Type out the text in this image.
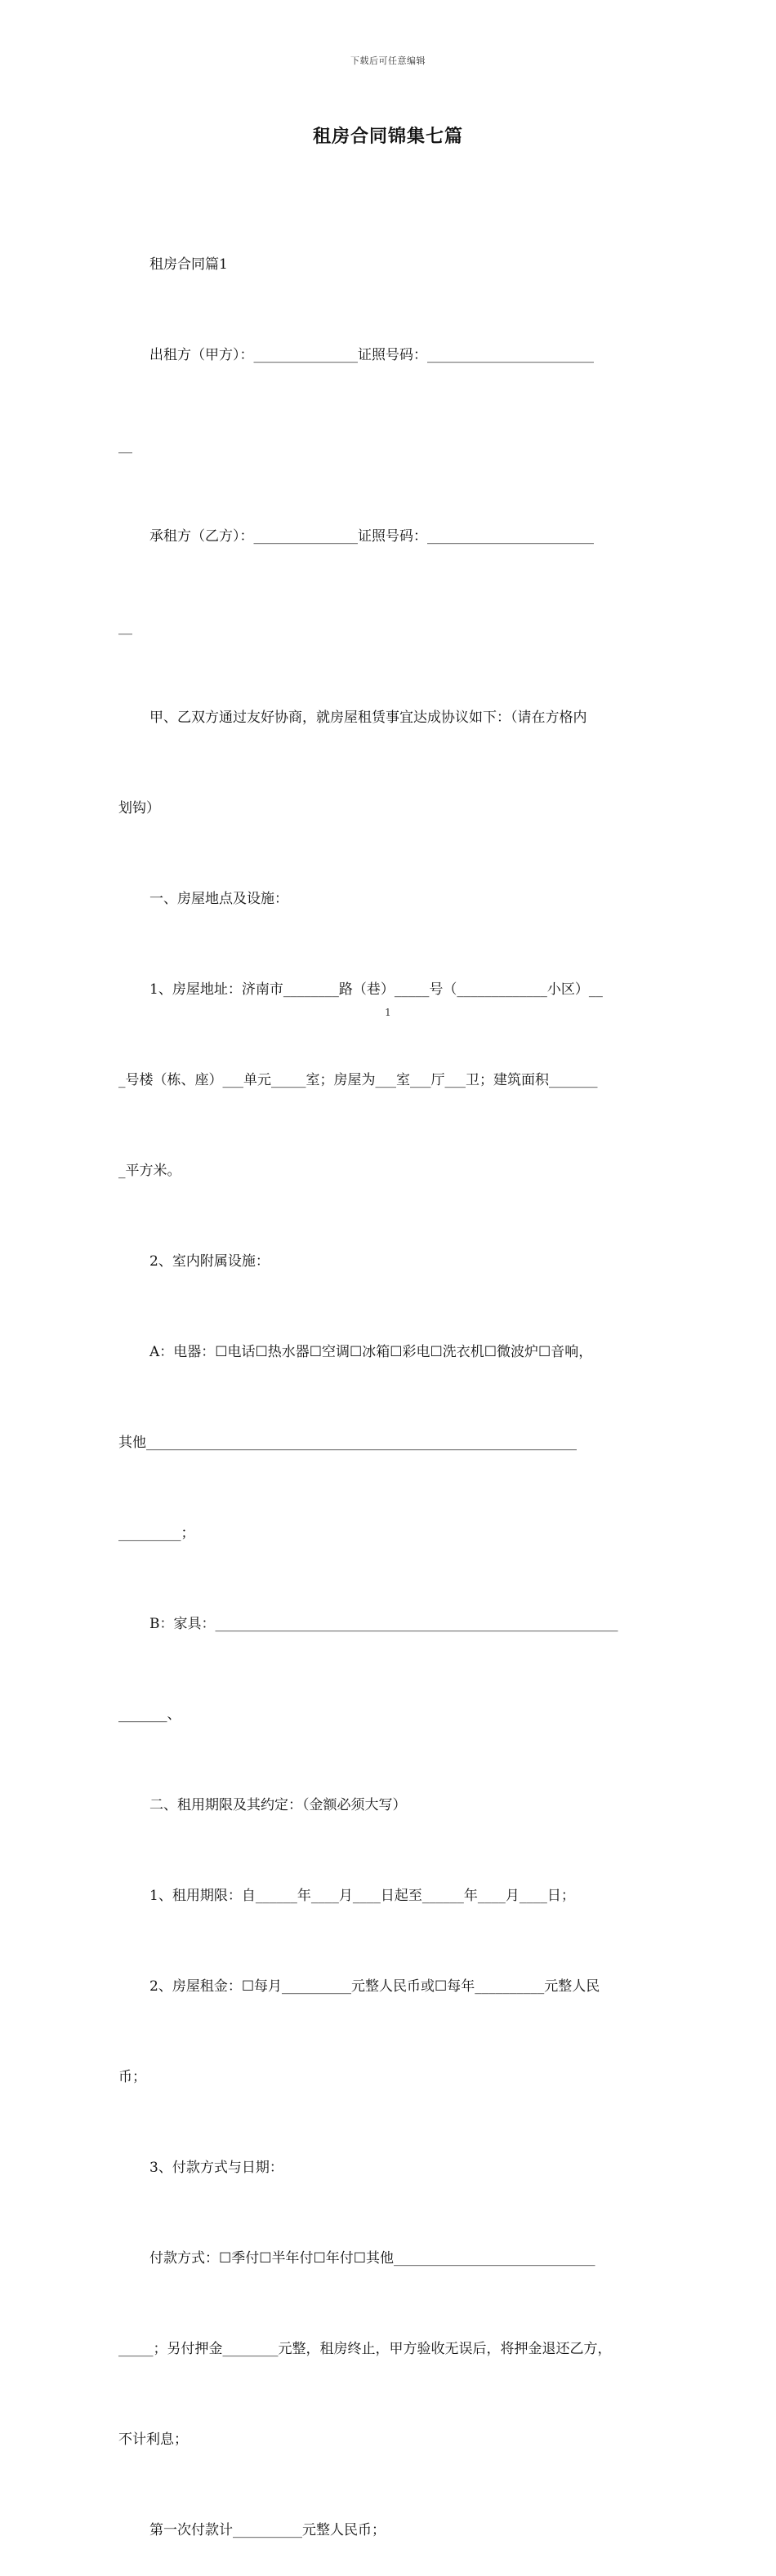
下载后可任意编辑
租房合同锦集七篇

租房合同篇1

出租方（甲方）：_______________证照号码：________________________

__

承租方（乙方）：_______________证照号码：________________________

__

甲、乙双方通过友好协商，就房屋租赁事宜达成协议如下：（请在方格内

划钩）

一、房屋地点及设施：

1、房屋地址：济南市________路（巷）_____号（_____________小区）__

_号楼（栋、座）___单元_____室；房屋为___室___厅___卫；建筑面积_______

_平方米。

2、室内附属设施：

A：电器：☐电话☐热水器☐空调☐冰箱☐彩电☐洗衣机☐微波炉☐音响，

其他______________________________________________________________

_________；

B：家具：__________________________________________________________

_______、

二、租用期限及其约定：（金额必须大写）

1、租用期限：自______年____月____日起至______年____月____日；

2、房屋租金：☐每月__________元整人民币或☐每年__________元整人民

币；

3、付款方式与日期：

付款方式：☐季付☐半年付☐年付☐其他_____________________________

_____；另付押金________元整，租房终止，甲方验收无误后，将押金退还乙方，

不计利息；

第一次付款计__________元整人民币；

1
